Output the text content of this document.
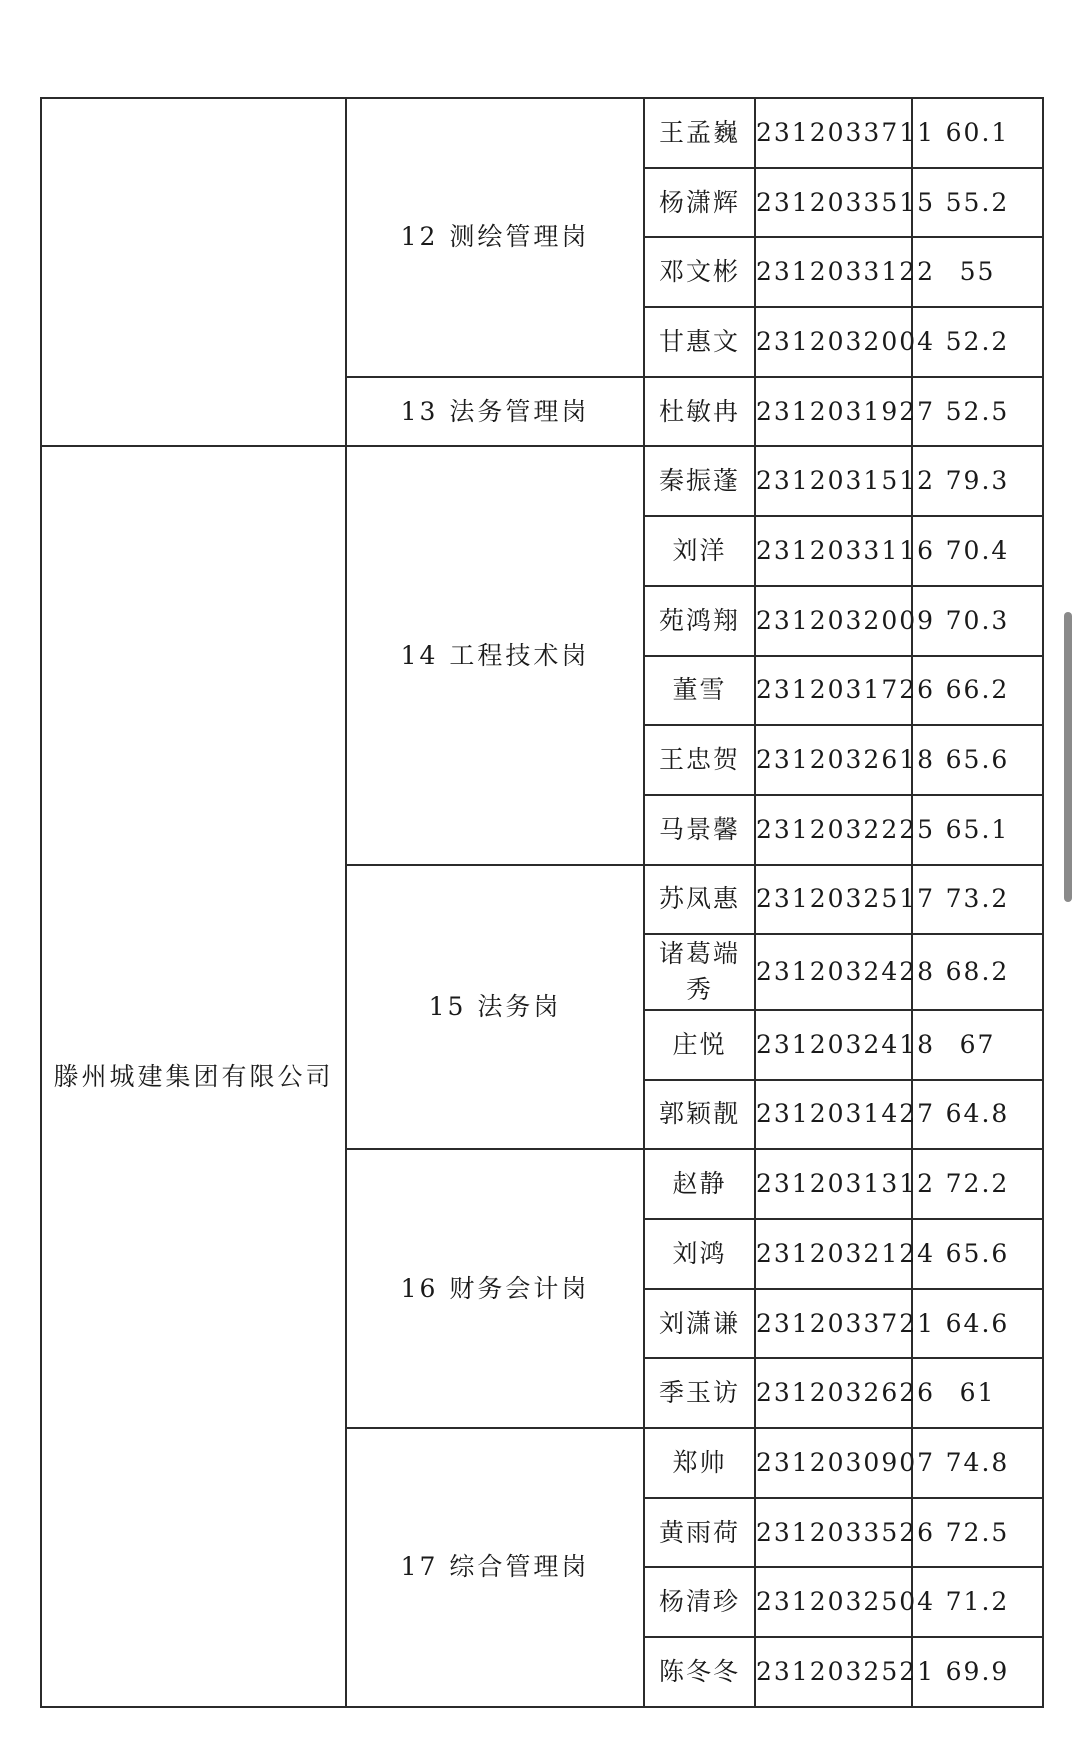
	12 测绘管理岗	王孟巍	2312033711	60.1
		杨潇辉	2312033515	55.2
		邓文彬	2312033122	55
		甘惠文	2312032004	52.2
	13 法务管理岗	杜敏冉	2312031927	52.5
滕州城建集团有限公司	14 工程技术岗	秦振蓬	2312031512	79.3
		刘洋	2312033116	70.4
		苑鸿翔	2312032009	70.3
		董雪	2312031726	66.2
		王忠贺	2312032618	65.6
		马景馨	2312032225	65.1
	15 法务岗	苏凤惠	2312032517	73.2
		诸葛端秀	2312032428	68.2
		庄悦	2312032418	67
		郭颖靓	2312031427	64.8
	16 财务会计岗	赵静	2312031312	72.2
		刘鸿	2312032124	65.6
		刘潇谦	2312033721	64.6
		季玉访	2312032626	61
	17 综合管理岗	郑帅	2312030907	74.8
		黄雨荷	2312033526	72.5
		杨清珍	2312032504	71.2
		陈冬冬	2312032521	69.9
